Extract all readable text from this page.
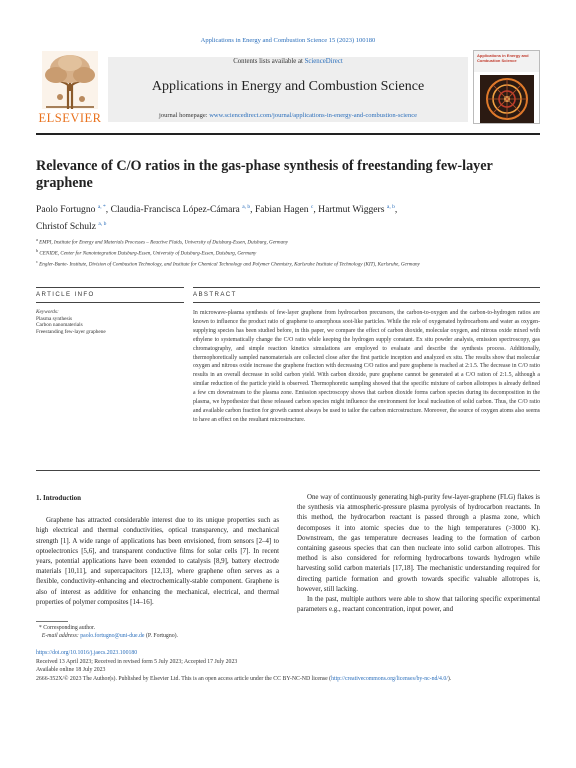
Applications in Energy and Combustion Science 15 (2023) 100180
ELSEVIER
Contents lists available at ScienceDirect
Applications in Energy and Combustion Science
journal homepage: www.sciencedirect.com/journal/applications-in-energy-and-combustion-science
Applications in Energy and Combustion Science
Relevance of C/O ratios in the gas-phase synthesis of freestanding few-layer graphene
Paolo Fortugno $^{a, *}$, Claudia-Francisca López-Cámara $^{a, b}$, Fabian Hagen $^c$, Hartmut Wiggers $^{a, b}$,
Christof Schulz $^{a, b}$
$^a$ EMPI, Institute for Energy and Materials Processes – Reactive Fluids, University of Duisburg-Essen, Duisburg, Germany
$^b$ CENIDE, Center for Nanointegration Duisburg-Essen, University of Duisburg-Essen, Duisburg, Germany
$^c$ Engler-Bunte- Institute, Division of Combustion Technology, and Institute for Chemical Technology and Polymer Chemistry, Karlsruhe Institute of Technology (KIT), Karlsruhe, Germany
ARTICLE INFO	ABSTRACT
Keywords:
Plasma synthesis
Carbon nanomaterials
Freestanding few-layer graphene
In microwave-plasma synthesis of few-layer graphene from hydrocarbon precursors, the carbon-to-oxygen and the carbon-to-hydrogen ratios are known to influence the product ratio of graphene to amorphous soot-like particles. While the role of oxygenated hydrocarbons and water as oxygen-supplying species has been studied before, in this paper, we compare the effect of carbon dioxide, molecular oxygen, and nitrous oxide mixed with ethylene to systematically change the C/O ratio while keeping the hydrogen supply constant. Ex situ powder analysis, emission spectroscopy, gas chromatography, and simple reaction kinetics simulations are employed to evaluate and describe the synthesis process. Additionally, thermophoretically sampled nanomaterials are collected close after the first particle inception and analyzed ex situ. The results show that molecular oxygen and nitrous oxide increase the graphene fraction with decreasing C/O ratios and pure graphene is reached at 2:1.5. The decrease in C/O ratio results in an overall decrease in solid carbon yield. With carbon dioxide, pure graphene cannot be generated at a C/O ration of 2:1.5, although a similar reduction of the particle yield is observed. Thermophoretic sampling showed that the specific mixture of carbon allotropes is already defined a few cm downstream to the plasma zone. Emission spectroscopy shows that carbon dioxide forms carbon species during its decomposition in the plasma, we hypothesize that these released carbon species might influence the environment for local nucleation of solid carbon. Thus, the C/O ratio and available carbon fraction for growth cannot always be used to tailor the carbon microstructure. Moreover, the source of oxygen atoms also seems to have an effect on the resultant microstructure.
1. Introduction

Graphene has attracted considerable interest due to its unique properties such as high electrical and thermal conductivities, optical transparency, and mechanical strength [1]. A wide range of applications has been envisioned, from sensors [2–4] to optoelectronics [5,6], and transparent conductive films for solar cells [7]. In recent years, potential applications have been extended to catalysis [8,9], battery electrode materials [10,11], and supercapacitors [12,13], where graphene often serves as a flexible, conductivity-enhancing and electrochemically-stable component. Graphene is also of interest as additive for enhancing the mechanical, electrical, and thermal properties of polymer composites [14–16].

One way of continuously generating high-purity few-layer-graphene (FLG) flakes is the synthesis via atmospheric-pressure plasma pyrolysis of hydrocarbon reactants. In this method, the hydrocarbon reactant is passed through a plasma zone, which decomposes it into atomic species due to the high temperatures (>3000 K). Downstream, the gas temperature decreases leading to the formation of carbon containing gaseous species that can then nucleate into solid carbon allotropes. This method is also considered for reforming hydrocarbons towards hydrogen while harvesting solid carbon materials [17,18]. The mechanistic understanding required for directing particle formation and growth towards specific valuable allotropes is, however, still lacking.

In the past, multiple authors were able to show that tailoring specific experimental parameters e.g., reactant concentration, input power, and

* Corresponding author.
E-mail address: paolo.fortugno@uni-due.de (P. Fortugno).
https://doi.org/10.1016/j.jaecs.2023.100180
Received 13 April 2023; Received in revised form 5 July 2023; Accepted 17 July 2023
Available online 18 July 2023
2666-352X/© 2023 The Author(s). Published by Elsevier Ltd. This is an open access article under the CC BY-NC-ND license (http://creativecommons.org/licenses/by-nc-nd/4.0/).
